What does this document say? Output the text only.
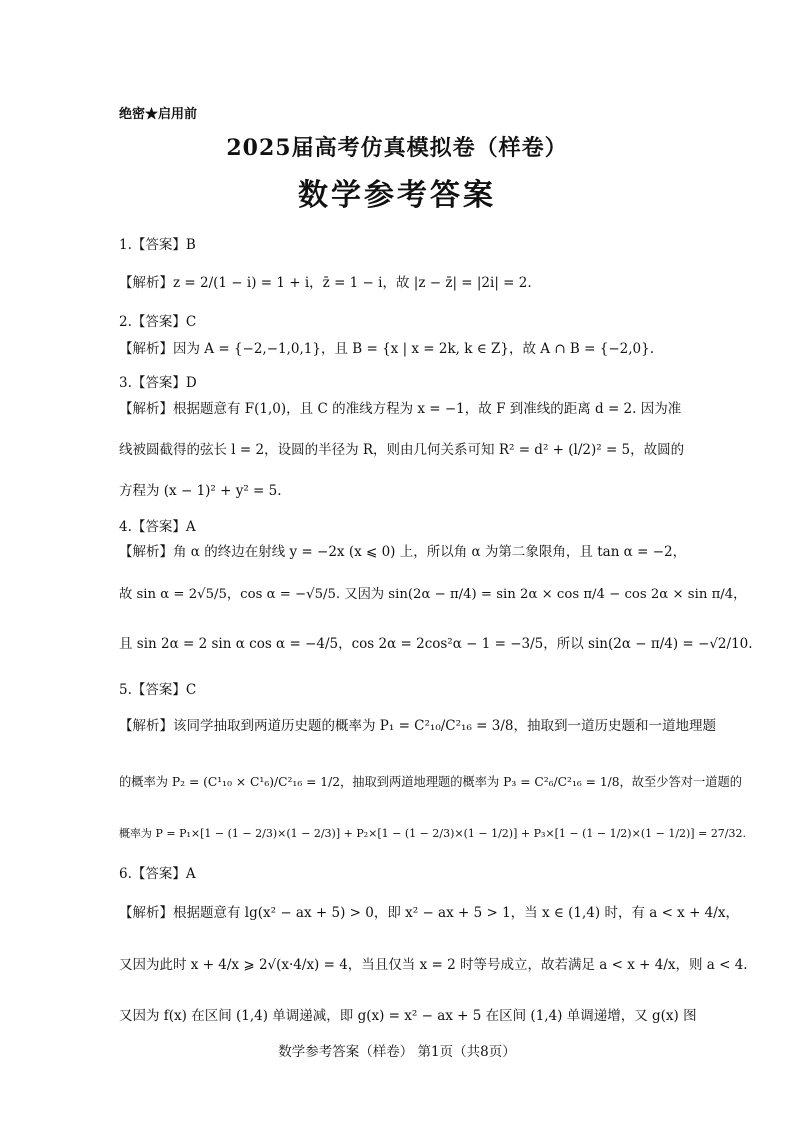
绝密★启用前
2025届高考仿真模拟卷（样卷）
数学参考答案
1.【答案】B
【解析】z = 2/(1 − i) = 1 + i，z̄ = 1 − i，故 |z − z̄| = |2i| = 2.
2.【答案】C
【解析】因为 A = {−2,−1,0,1}，且 B = {x | x = 2k, k ∈ Z}，故 A ∩ B = {−2,0}.
3.【答案】D
【解析】根据题意有 F(1,0)，且 C 的准线方程为 x = −1，故 F 到准线的距离 d = 2. 因为准
线被圆截得的弦长 l = 2，设圆的半径为 R，则由几何关系可知 R² = d² + (l/2)² = 5，故圆的
方程为 (x − 1)² + y² = 5.
4.【答案】A
【解析】角 α 的终边在射线 y = −2x (x ⩽ 0) 上，所以角 α 为第二象限角，且 tan α = −2，
故 sin α = 2√5/5，cos α = −√5/5. 又因为 sin(2α − π/4) = sin 2α × cos π/4 − cos 2α × sin π/4，
且 sin 2α = 2 sin α cos α = −4/5，cos 2α = 2cos²α − 1 = −3/5，所以 sin(2α − π/4) = −√2/10.
5.【答案】C
【解析】该同学抽取到两道历史题的概率为 P₁ = C²₁₀/C²₁₆ = 3/8，抽取到一道历史题和一道地理题
的概率为 P₂ = (C¹₁₀ × C¹₆)/C²₁₆ = 1/2，抽取到两道地理题的概率为 P₃ = C²₆/C²₁₆ = 1/8，故至少答对一道题的
概率为 P = P₁×[1 − (1 − 2/3)×(1 − 2/3)] + P₂×[1 − (1 − 2/3)×(1 − 1/2)] + P₃×[1 − (1 − 1/2)×(1 − 1/2)] = 27/32.
6.【答案】A
【解析】根据题意有 lg(x² − ax + 5) > 0，即 x² − ax + 5 > 1，当 x ∈ (1,4) 时，有 a < x + 4/x，
又因为此时 x + 4/x ⩾ 2√(x·4/x) = 4，当且仅当 x = 2 时等号成立，故若满足 a < x + 4/x，则 a < 4.
又因为 f(x) 在区间 (1,4) 单调递减，即 g(x) = x² − ax + 5 在区间 (1,4) 单调递增，又 g(x) 图
数学参考答案（样卷） 第1页（共8页）
